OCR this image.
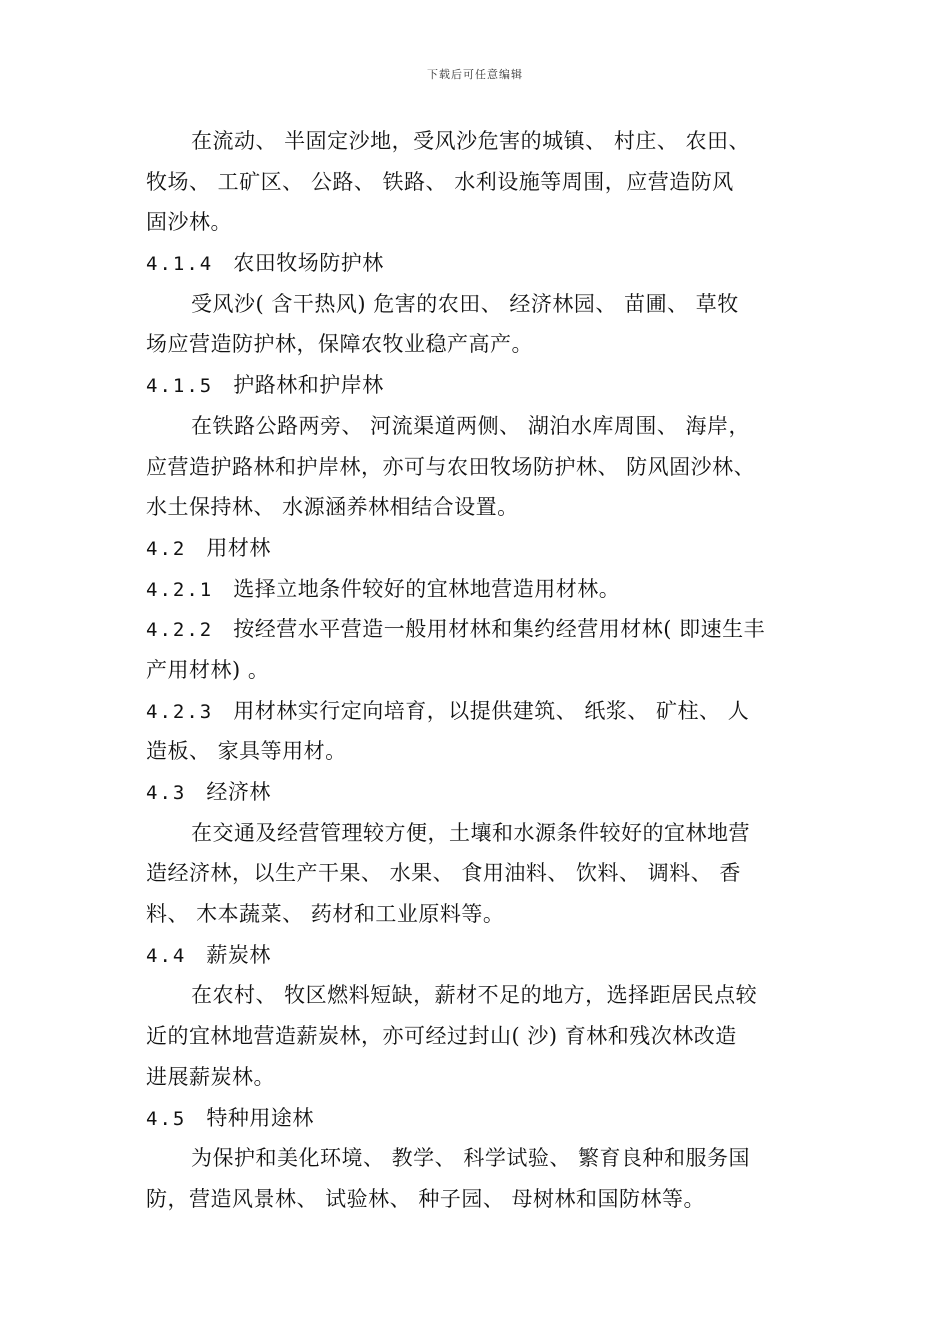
下载后可任意编辑
在流动、 半固定沙地，受风沙危害的城镇、 村庄、 农田、
牧场、 工矿区、 公路、 铁路、 水利设施等周围，应营造防风
固沙林。
4.1.4 农田牧场防护林
受风沙( 含干热风) 危害的农田、 经济林园、 苗圃、 草牧
场应营造防护林，保障农牧业稳产高产。
4.1.5 护路林和护岸林
在铁路公路两旁、 河流渠道两侧、 湖泊水库周围、 海岸，
应营造护路林和护岸林，亦可与农田牧场防护林、 防风固沙林、
水土保持林、 水源涵养林相结合设置。
4.2 用材林
4.2.1 选择立地条件较好的宜林地营造用材林。
4.2.2 按经营水平营造一般用材林和集约经营用材林( 即速生丰
产用材林) 。
4.2.3 用材林实行定向培育，以提供建筑、 纸浆、 矿柱、 人
造板、 家具等用材。
4.3 经济林
在交通及经营管理较方便，土壤和水源条件较好的宜林地营
造经济林，以生产干果、 水果、 食用油料、 饮料、 调料、 香
料、 木本蔬菜、 药材和工业原料等。
4.4 薪炭林
在农村、 牧区燃料短缺，薪材不足的地方，选择距居民点较
近的宜林地营造薪炭林，亦可经过封山( 沙) 育林和残次林改造
进展薪炭林。
4.5 特种用途林
为保护和美化环境、 教学、 科学试验、 繁育良种和服务国
防，营造风景林、 试验林、 种子园、 母树林和国防林等。
